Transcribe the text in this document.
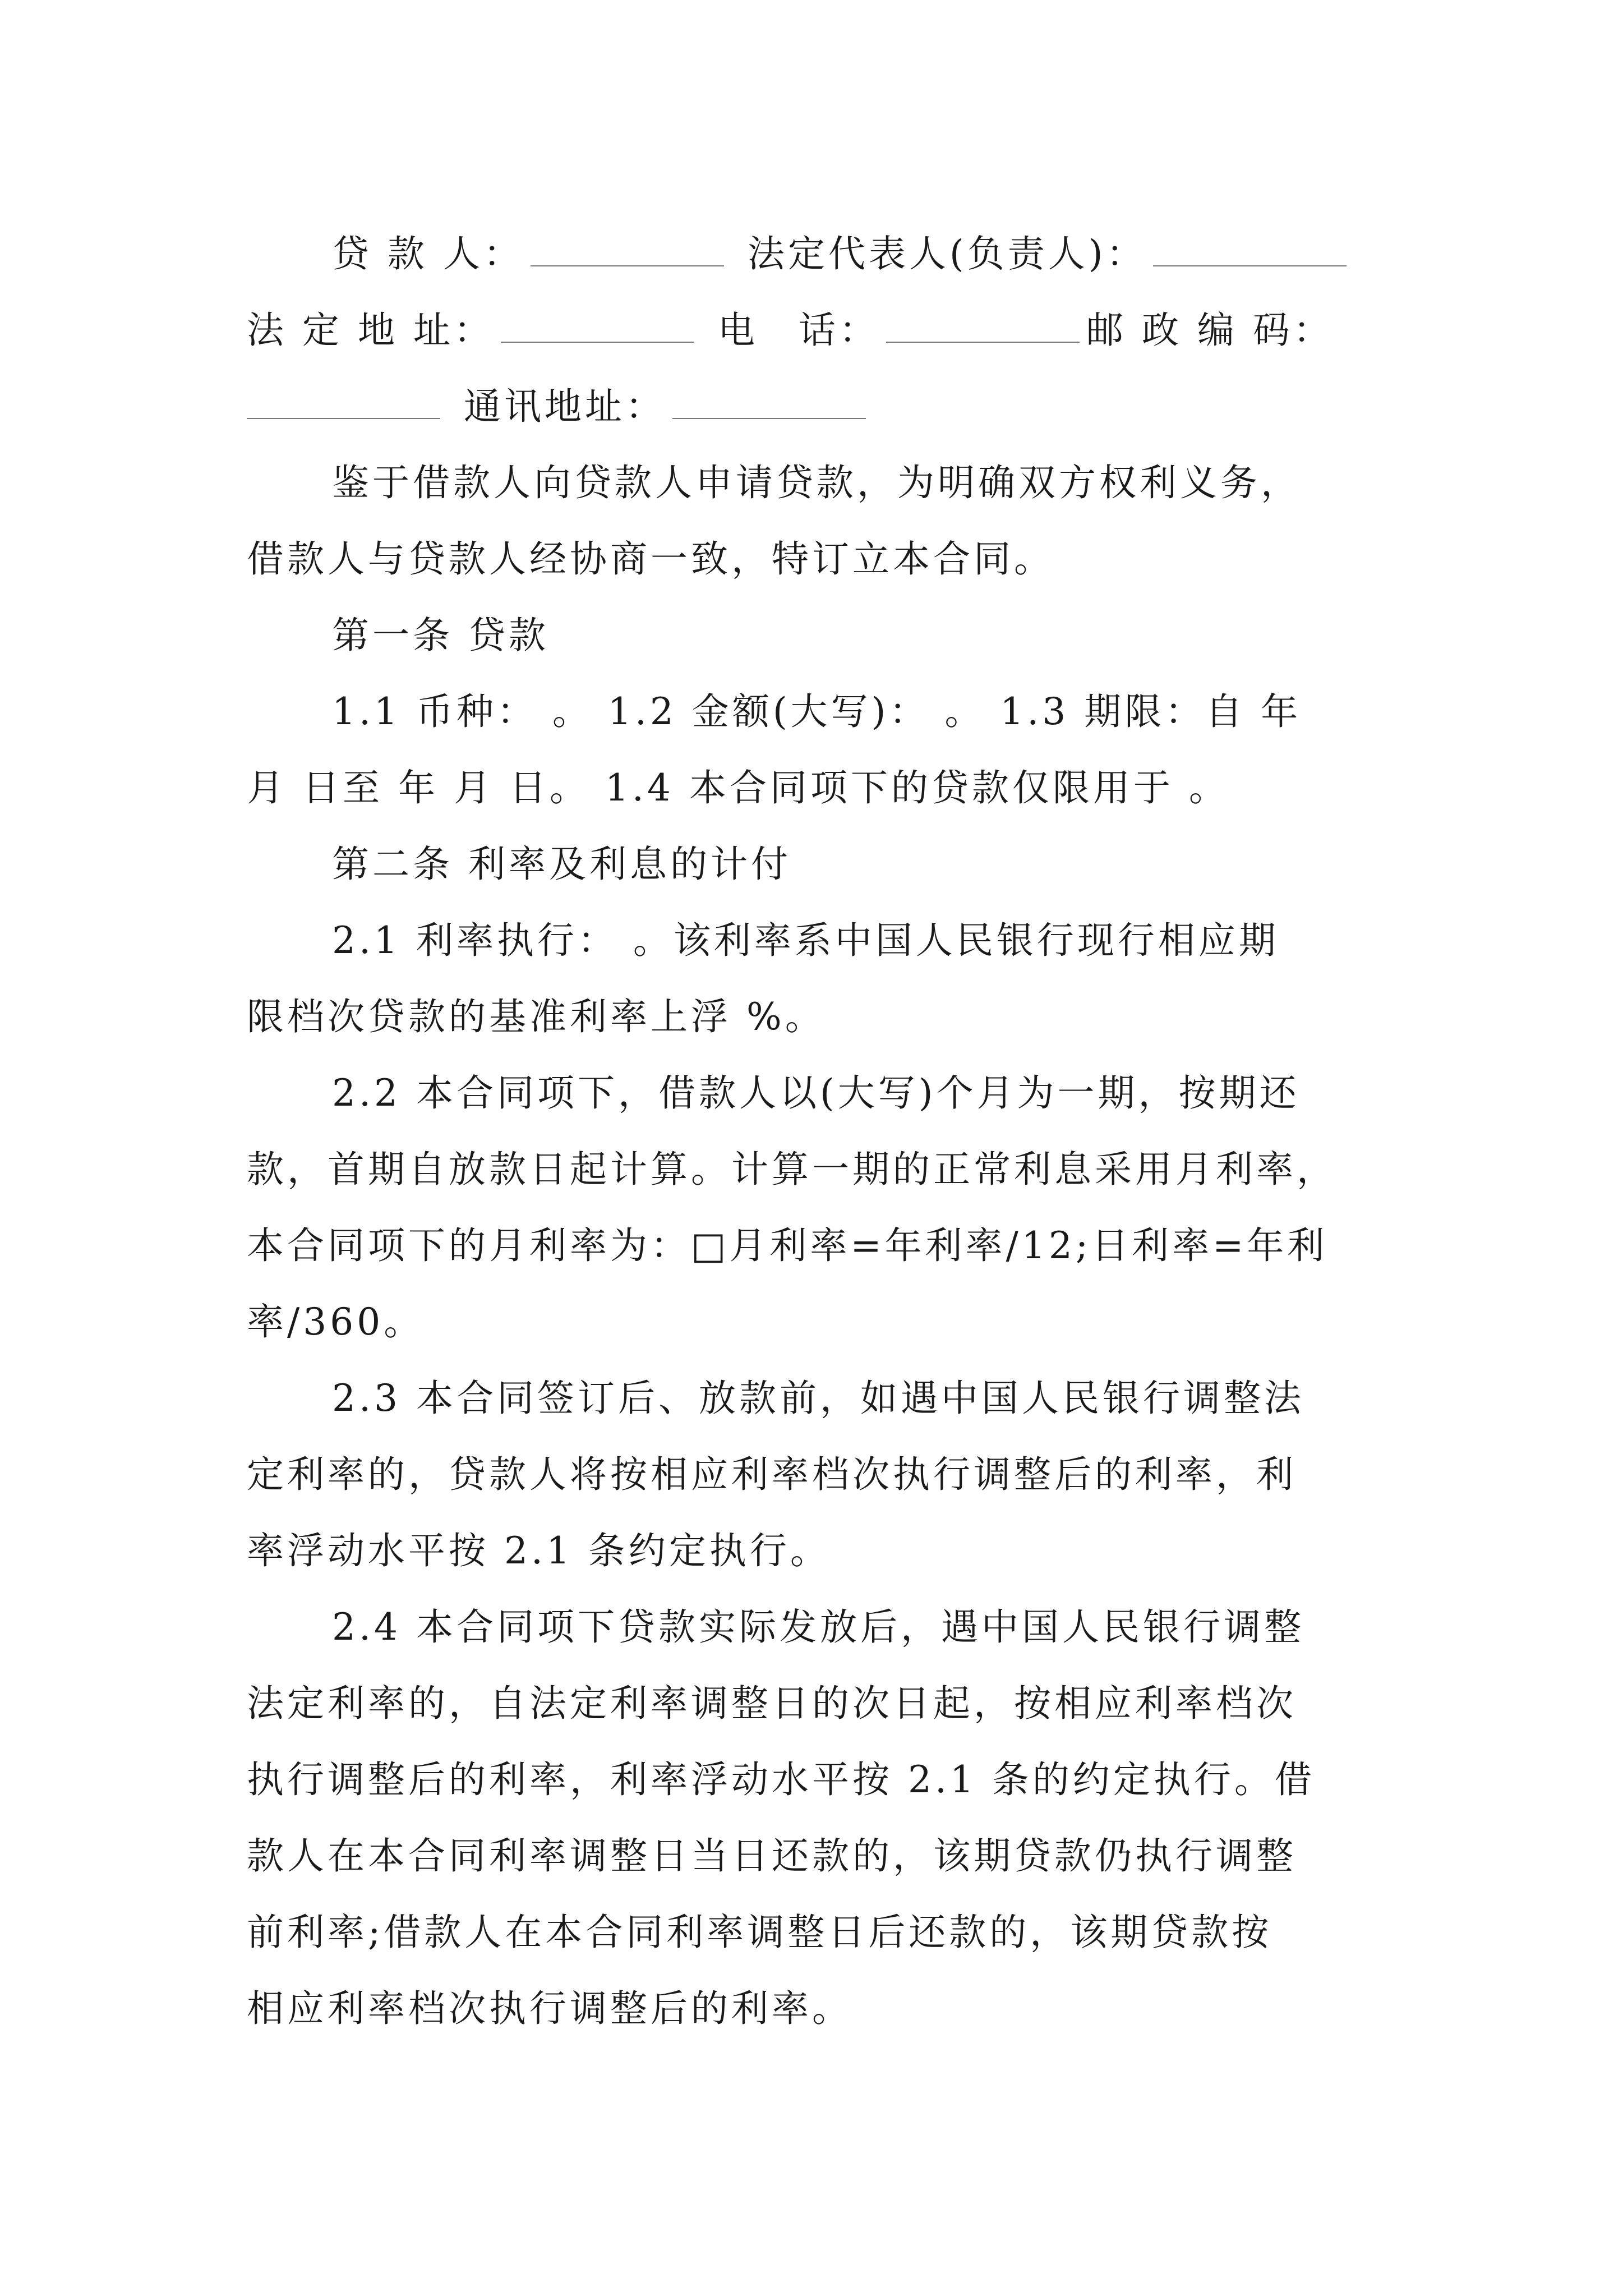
贷 款 人：	法定代表人(负责人)：
法 定 地 址：	电　话：	邮 政 编 码：
通讯地址：
鉴于借款人向贷款人申请贷款，为明确双方权利义务，
借款人与贷款人经协商一致，特订立本合同。
第一条 贷款
1.1 币种： 。 1.2 金额(大写)： 。 1.3 期限：自 年
月 日至 年 月 日。 1.4 本合同项下的贷款仅限用于 。
第二条 利率及利息的计付
2.1 利率执行： 。该利率系中国人民银行现行相应期
限档次贷款的基准利率上浮 %。
2.2 本合同项下，借款人以(大写)个月为一期，按期还
款，首期自放款日起计算。计算一期的正常利息采用月利率，
本合同项下的月利率为：□月利率=年利率/12;日利率=年利
率/360。
2.3 本合同签订后、放款前，如遇中国人民银行调整法
定利率的，贷款人将按相应利率档次执行调整后的利率，利
率浮动水平按 2.1 条约定执行。
2.4 本合同项下贷款实际发放后，遇中国人民银行调整
法定利率的，自法定利率调整日的次日起，按相应利率档次
执行调整后的利率，利率浮动水平按 2.1 条的约定执行。借
款人在本合同利率调整日当日还款的，该期贷款仍执行调整
前利率;借款人在本合同利率调整日后还款的，该期贷款按
相应利率档次执行调整后的利率。
